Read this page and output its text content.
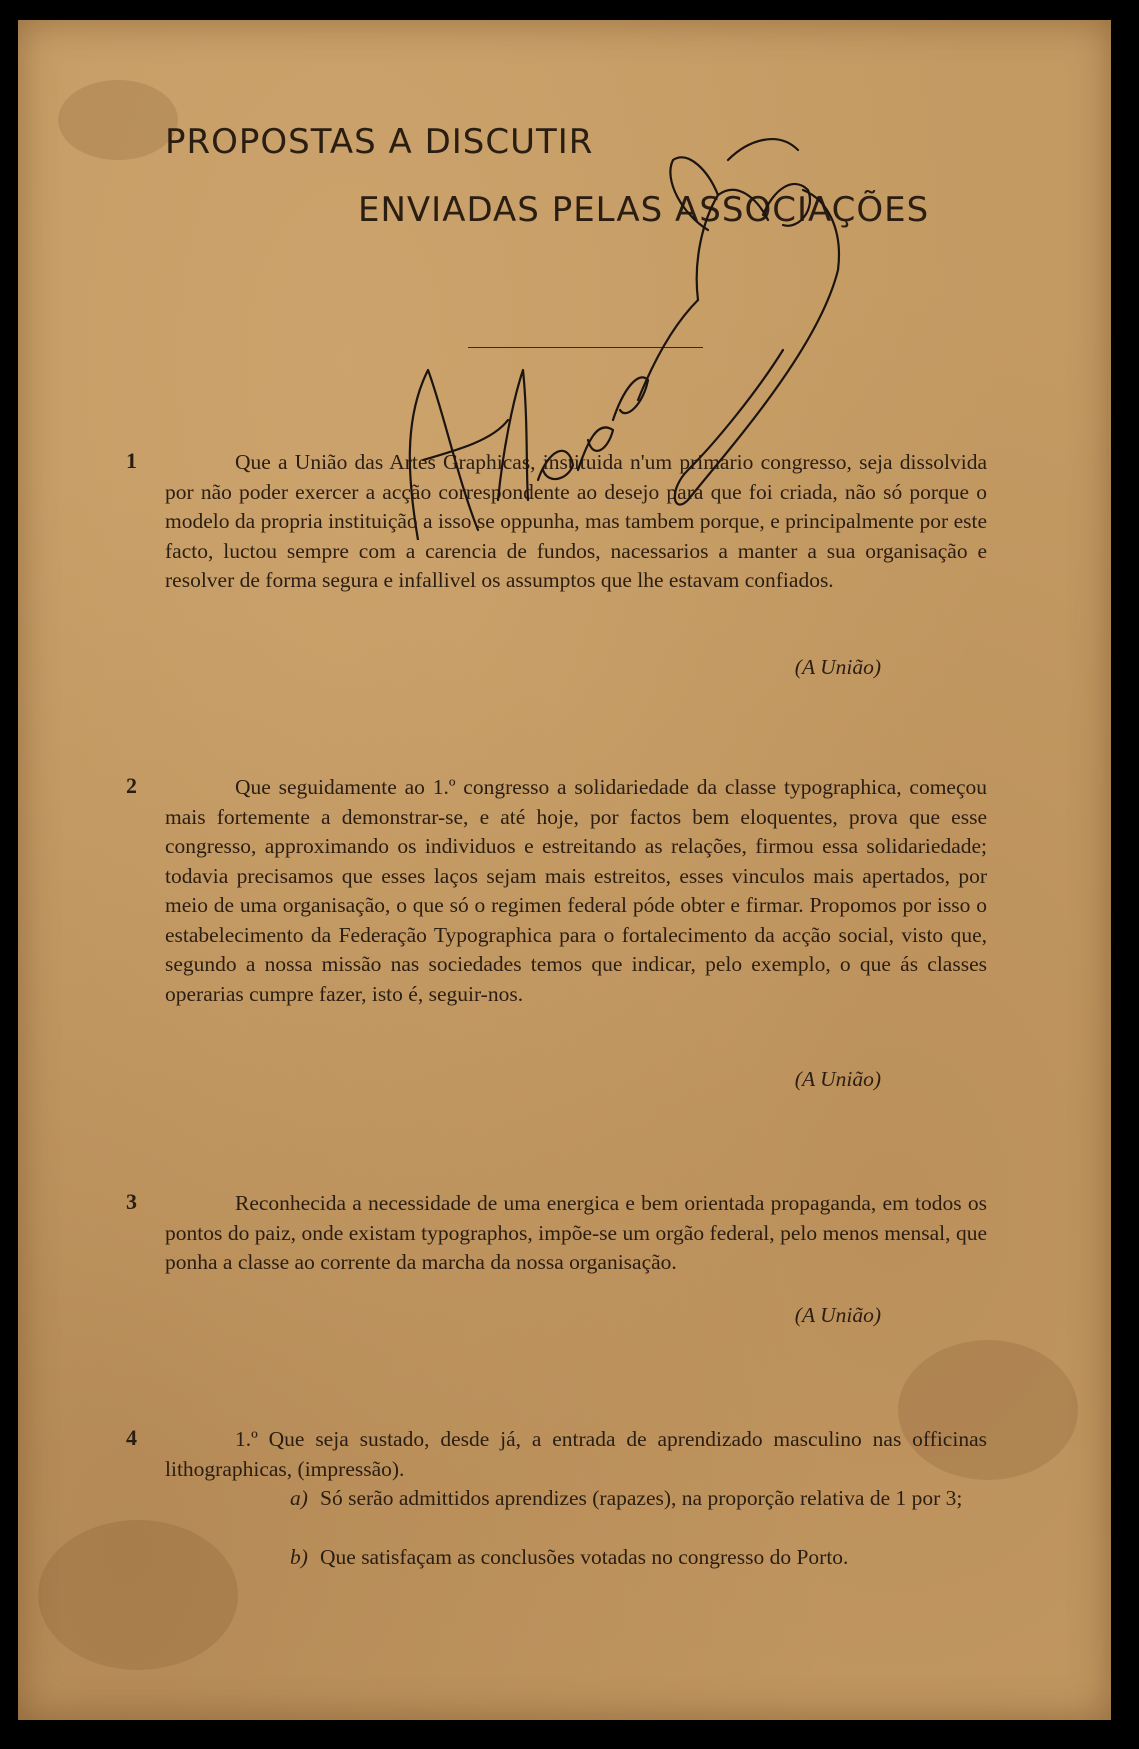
PROPOSTAS A DISCUTIR
ENVIADAS PELAS ASSOCIAÇÕES
1	Que a União das Artes Graphicas, instituida n'um primario congresso, seja dissolvida por não poder exercer a acção correspondente ao desejo para que foi criada, não só porque o modelo da propria instituição a isso se oppunha, mas tambem porque, e principalmente por este facto, luctou sempre com a carencia de fundos, nacessarios a manter a sua organisação e resolver de forma segura e infallivel os assumptos que lhe estavam confiados.

(A União)
2	Que seguidamente ao 1.º congresso a solidariedade da classe typographica, começou mais fortemente a demonstrar-se, e até hoje, por factos bem eloquentes, prova que esse congresso, approximando os individuos e estreitando as relações, firmou essa solidariedade; todavia precisamos que esses laços sejam mais estreitos, esses vinculos mais apertados, por meio de uma organisação, o que só o regimen federal póde obter e firmar. Propomos por isso o estabelecimento da Federação Typographica para o fortalecimento da acção social, visto que, segundo a nossa missão nas sociedades temos que indicar, pelo exemplo, o que ás classes operarias cumpre fazer, isto é, seguir-nos.

(A União)
3	Reconhecida a necessidade de uma energica e bem orientada propaganda, em todos os pontos do paiz, onde existam typographos, impõe-se um orgão federal, pelo menos mensal, que ponha a classe ao corrente da marcha da nossa organisação.

(A União)
4	1.º Que seja sustado, desde já, a entrada de aprendizado masculino nas officinas lithographicas, (impressão).

a) Só serão admittidos aprendizes (rapazes), na proporção relativa de 1 por 3;
b) Que satisfaçam as conclusões votadas no congresso do Porto.
